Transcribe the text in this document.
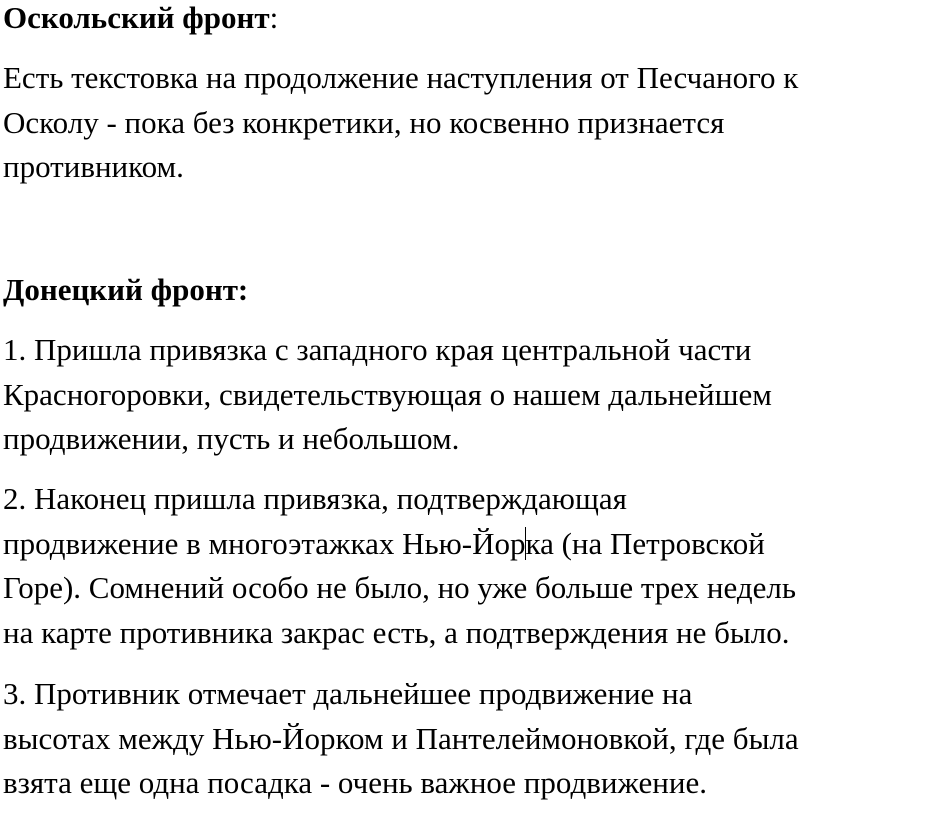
Оскольский фронт:
Есть текстовка на продолжение наступления от Песчаного к
Осколу - пока без конкретики, но косвенно признается
противником.
Донецкий фронт:
1. Пришла привязка с западного края центральной части
Красногоровки, свидетельствующая о нашем дальнейшем
продвижении, пусть и небольшом.
2. Наконец пришла привязка, подтверждающая
продвижение в многоэтажках Нью-Йорка (на Петровской
Горе). Сомнений особо не было, но уже больше трех недель
на карте противника закрас есть, а подтверждения не было.
3. Противник отмечает дальнейшее продвижение на
высотах между Нью-Йорком и Пантелеймоновкой, где была
взята еще одна посадка - очень важное продвижение.
